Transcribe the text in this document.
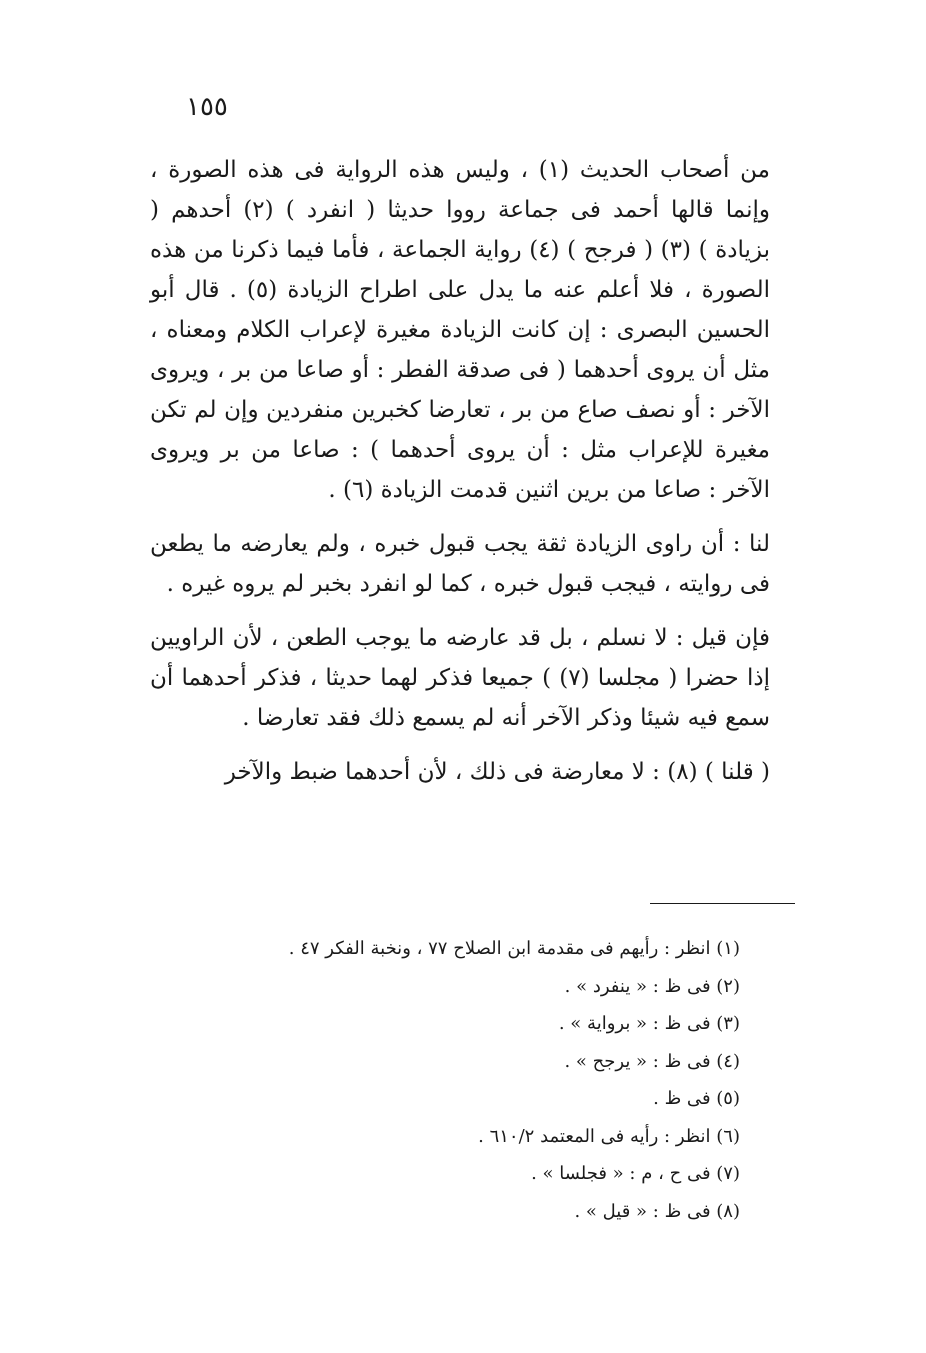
١٥٥

من أصحاب الحديث (١) ، وليس هذه الرواية فى هذه الصورة ، وإنما قالها أحمد فى جماعة رووا حديثا ( انفرد ) (٢) أحدهم ( بزيادة ) (٣) ( فرجح ) (٤) رواية الجماعة ، فأما فيما ذكرنا من هذه الصورة ، فلا أعلم عنه ما يدل على اطراح الزيادة (٥) . قال أبو الحسين البصرى : إن كانت الزيادة مغيرة لإعراب الكلام ومعناه ، مثل أن يروى أحدهما ( فى صدقة الفطر : أو صاعا من بر ، ويروى الآخر : أو نصف صاع من بر ، تعارضا كخبرين منفردين وإن لم تكن مغيرة للإعراب مثل : أن يروى أحدهما ) : صاعا من بر ويروى الآخر : صاعا من برين اثنين قدمت الزيادة (٦) .

لنا : أن راوى الزيادة ثقة يجب قبول خبره ، ولم يعارضه ما يطعن فى روايته ، فيجب قبول خبره ، كما لو انفرد بخبر لم يروه غيره .

فإن قيل : لا نسلم ، بل قد عارضه ما يوجب الطعن ، لأن الراويين إذا حضرا ( مجلسا (٧) ) جميعا فذكر لهما حديثا ، فذكر أحدهما أن سمع فيه شيئا وذكر الآخر أنه لم يسمع ذلك فقد تعارضا .

( قلنا ) (٨) : لا معارضة فى ذلك ، لأن أحدهما ضبط والآخر

(١) انظر : رأيهم فى مقدمة ابن الصلاح ٧٧ ، ونخبة الفكر ٤٧ .
(٢) فى ظ : « ينفرد » .
(٣) فى ظ : « برواية » .
(٤) فى ظ : « يرجح » .
(٥) فى ظ .
(٦) انظر : رأيه فى المعتمد ٦١٠/٢ .
(٧) فى ح ، م : « فجلسا » .
(٨) فى ظ : « قيل » .
